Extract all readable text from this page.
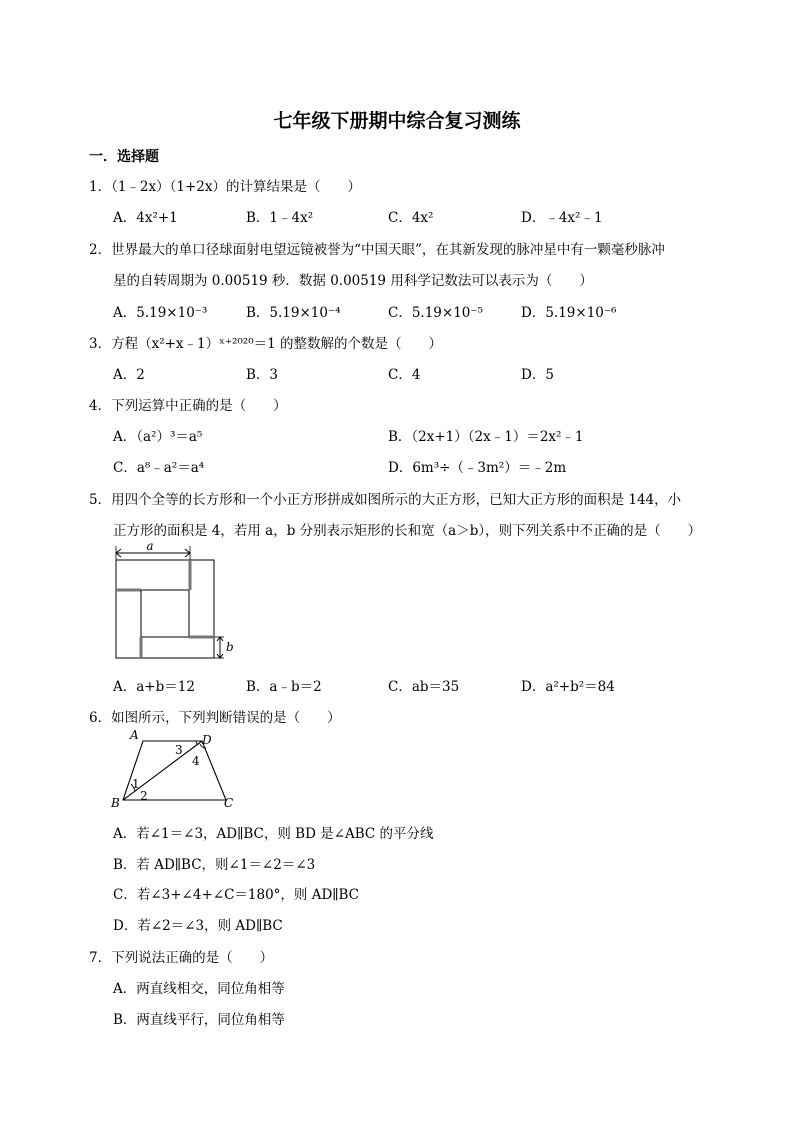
七年级下册期中综合复习测练
一．选择题
1．（1﹣2x）（1+2x）的计算结果是（　　）
A．4x²+1	B．1﹣4x²	C．4x²	D．﹣4x²﹣1
2．世界最大的单口径球面射电望远镜被誉为“中国天眼”，在其新发现的脉冲星中有一颗毫秒脉冲
星的自转周期为 0.00519 秒．数据 0.00519 用科学记数法可以表示为（　　）
A．5.19×10⁻³	B．5.19×10⁻⁴	C．5.19×10⁻⁵	D．5.19×10⁻⁶
3．方程（x²+x﹣1）ˣ⁺²⁰²⁰＝1 的整数解的个数是（　　）
A．2	B．3	C．4	D．5
4．下列运算中正确的是（　　）
A．（a²）³＝a⁵	B．（2x+1）（2x﹣1）＝2x²﹣1
C．a⁸﹣a²＝a⁴	D．6m³÷（﹣3m²）＝﹣2m
5．用四个全等的长方形和一个小正方形拼成如图所示的大正方形，已知大正方形的面积是 144，小
正方形的面积是 4，若用 a，b 分别表示矩形的长和宽（a＞b），则下列关系中不正确的是（　　）
a
b
A．a+b＝12	B．a﹣b＝2	C．ab＝35	D．a²+b²＝84
6．如图所示，下列判断错误的是（　　）
A	D
B	C
1
2
3
4
A．若∠1＝∠3，AD∥BC，则 BD 是∠ABC 的平分线
B．若 AD∥BC，则∠1＝∠2＝∠3
C．若∠3+∠4+∠C＝180°，则 AD∥BC
D．若∠2＝∠3，则 AD∥BC
7．下列说法正确的是（　　）
A．两直线相交，同位角相等
B．两直线平行，同位角相等
